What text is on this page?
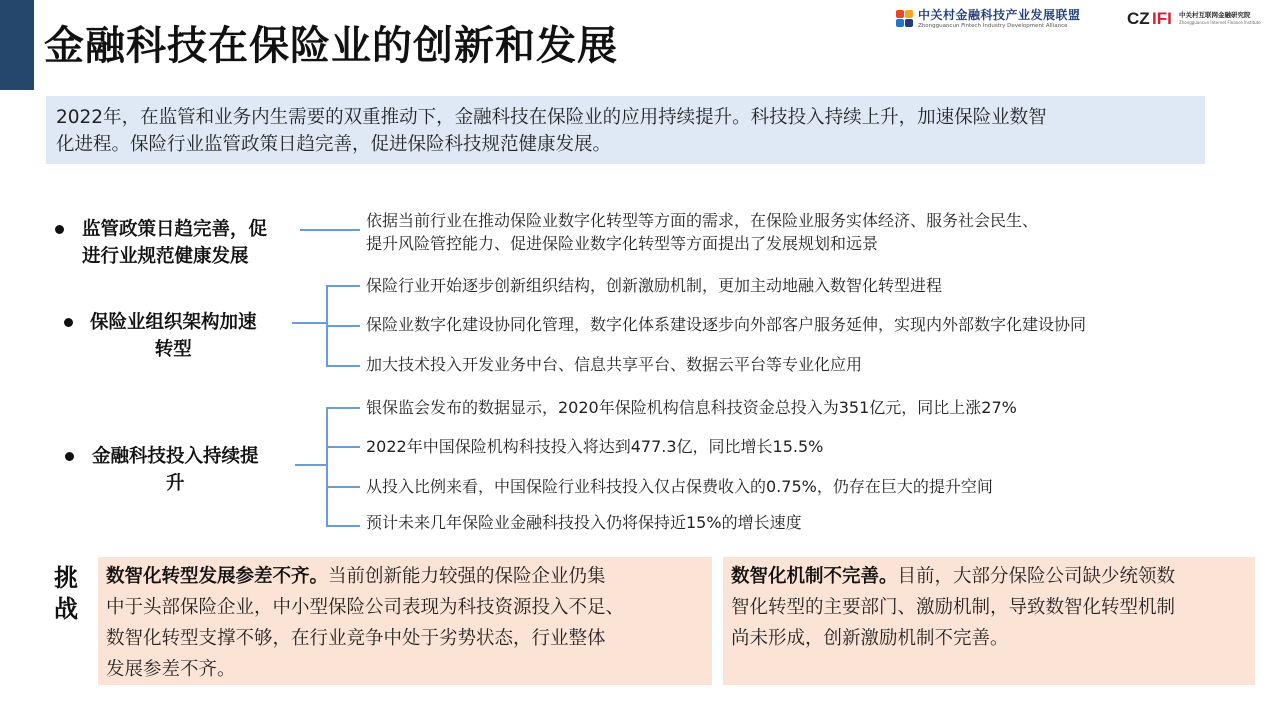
金融科技在保险业的创新和发展
中关村金融科技产业发展联盟
Zhongguancun Fintech Industry Development Alliance	CZ IFI 中关村互联网金融研究院
Zhongguancun Internet Finance Institute
2022年，在监管和业务内生需要的双重推动下，金融科技在保险业的应用持续提升。科技投入持续上升，加速保险业数智
化进程。保险行业监管政策日趋完善，促进保险科技规范健康发展。
监管政策日趋完善，促
进行业规范健康发展
依据当前行业在推动保险业数字化转型等方面的需求，在保险业服务实体经济、服务社会民生、
提升风险管控能力、促进保险业数字化转型等方面提出了发展规划和远景
保险业组织架构加速
转型
保险行业开始逐步创新组织结构，创新激励机制，更加主动地融入数智化转型进程
保险业数字化建设协同化管理，数字化体系建设逐步向外部客户服务延伸，实现内外部数字化建设协同
加大技术投入开发业务中台、信息共享平台、数据云平台等专业化应用
金融科技投入持续提
升
银保监会发布的数据显示，2020年保险机构信息科技资金总投入为351亿元，同比上涨27%
2022年中国保险机构科技投入将达到477.3亿，同比增长15.5%
从投入比例来看，中国保险行业科技投入仅占保费收入的0.75%，仍存在巨大的提升空间
预计未来几年保险业金融科技投入仍将保持近15%的增长速度
挑
战
数智化转型发展参差不齐。当前创新能力较强的保险企业仍集
中于头部保险企业，中小型保险公司表现为科技资源投入不足、
数智化转型支撑不够，在行业竞争中处于劣势状态，行业整体
发展参差不齐。
数智化机制不完善。目前，大部分保险公司缺少统领数
智化转型的主要部门、激励机制，导致数智化转型机制
尚未形成，创新激励机制不完善。
